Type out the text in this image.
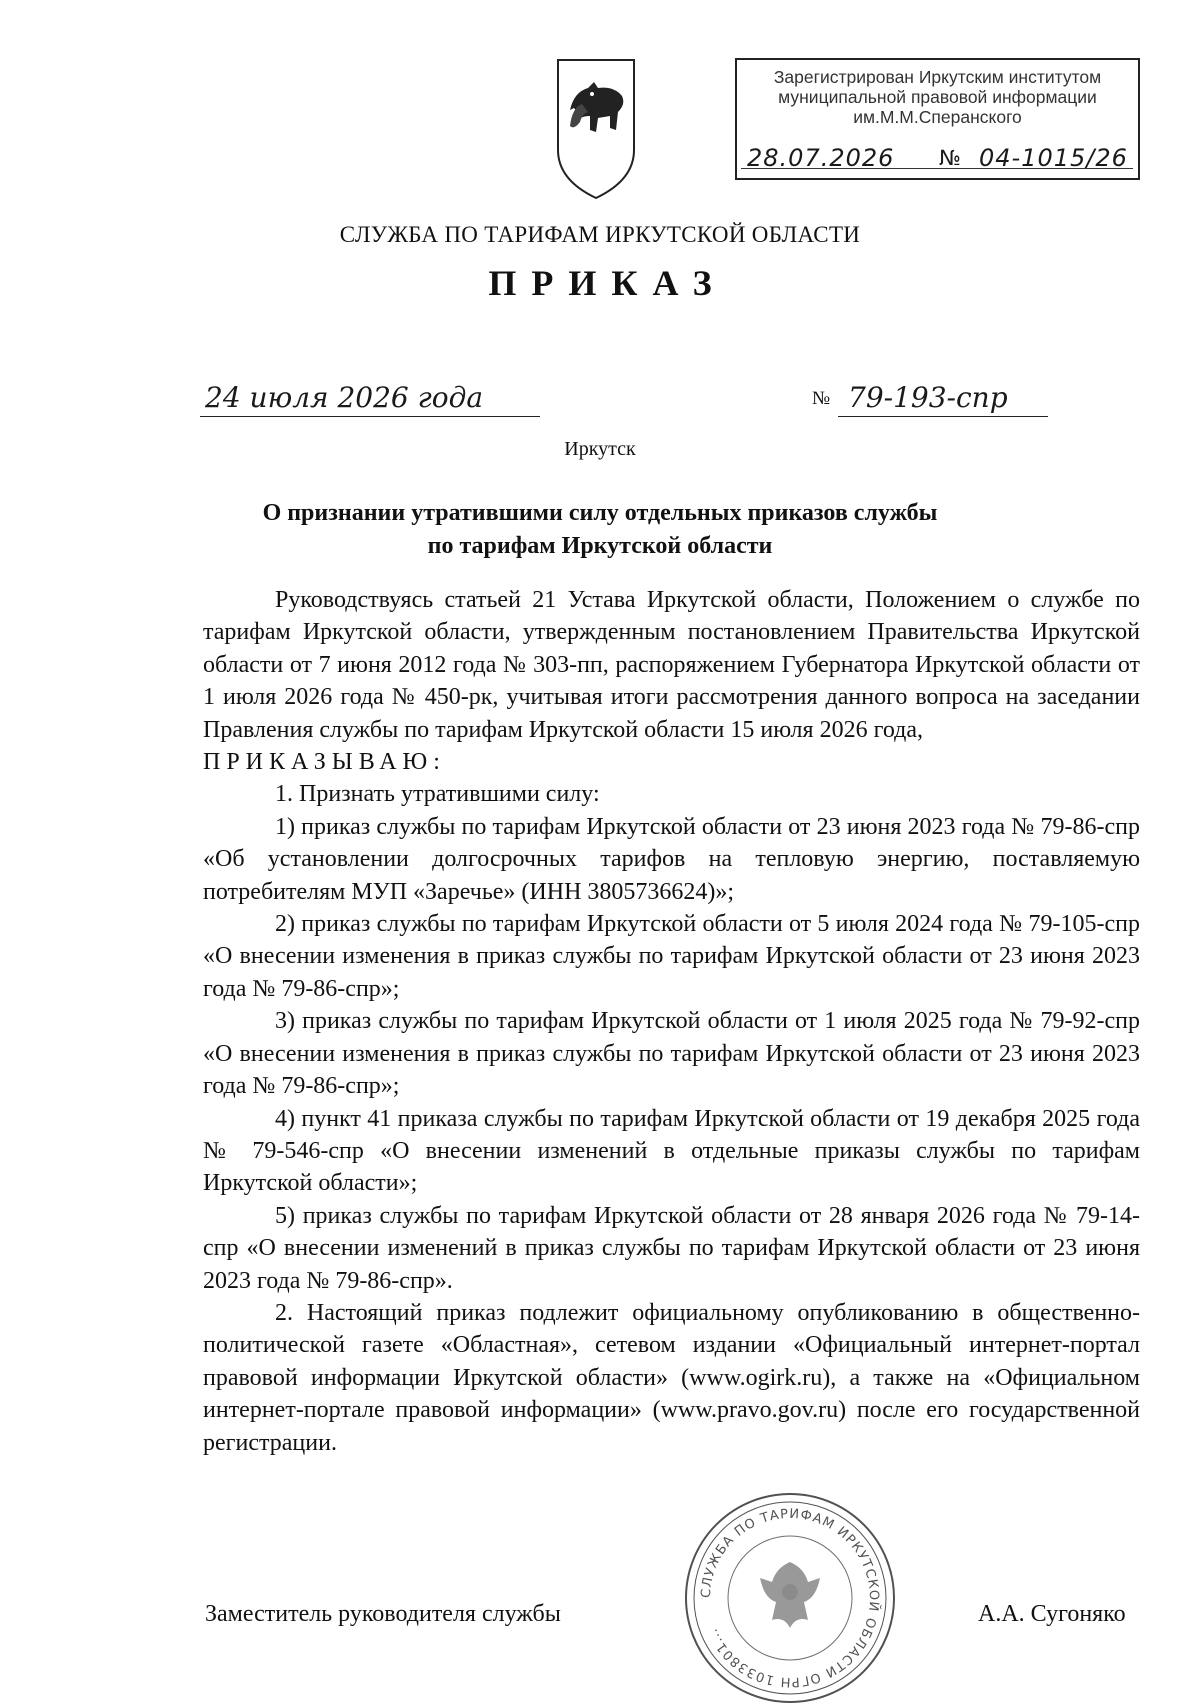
Зарегистрирован Иркутским институтом
муниципальной правовой информации
им.М.М.Сперанского
28.07.2026 № 04-1015/26
СЛУЖБА ПО ТАРИФАМ ИРКУТСКОЙ ОБЛАСТИ
ПРИКАЗ
24 июля 2026 года	№ 79-193-спр
Иркутск
О признании утратившими силу отдельных приказов службы по тарифам Иркутской области

Руководствуясь статьей 21 Устава Иркутской области, Положением о службе по тарифам Иркутской области, утвержденным постановлением Правительства Иркутской области от 7 июня 2012 года № 303-пп, распоряжением Губернатора Иркутской области от 1 июля 2026 года № 450-рк, учитывая итоги рассмотрения данного вопроса на заседании Правления службы по тарифам Иркутской области 15 июля 2026 года,

ПРИКАЗЫВАЮ:

1. Признать утратившими силу:

1) приказ службы по тарифам Иркутской области от 23 июня 2023 года № 79-86-спр «Об установлении долгосрочных тарифов на тепловую энергию, поставляемую потребителям МУП «Заречье» (ИНН 3805736624)»;

2) приказ службы по тарифам Иркутской области от 5 июля 2024 года № 79-105-спр «О внесении изменения в приказ службы по тарифам Иркутской области от 23 июня 2023 года № 79-86-спр»;

3) приказ службы по тарифам Иркутской области от 1 июля 2025 года № 79-92-спр «О внесении изменения в приказ службы по тарифам Иркутской области от 23 июня 2023 года № 79-86-спр»;

4) пункт 41 приказа службы по тарифам Иркутской области от 19 декабря 2025 года № 79-546-спр «О внесении изменений в отдельные приказы службы по тарифам Иркутской области»;

5) приказ службы по тарифам Иркутской области от 28 января 2026 года № 79-14-спр «О внесении изменений в приказ службы по тарифам Иркутской области от 23 июня 2023 года № 79-86-спр».

2. Настоящий приказ подлежит официальному опубликованию в общественно-политической газете «Областная», сетевом издании «Официальный интернет-портал правовой информации Иркутской области» (www.ogirk.ru), а также на «Официальном интернет-портале правовой информации» (www.pravo.gov.ru) после его государственной регистрации.

СЛУЖБА ПО ТАРИФАМ ИРКУТСКОЙ ОБЛАСТИ ОГРН 1033801...
Заместитель руководителя службы	А.А. Сугоняко
